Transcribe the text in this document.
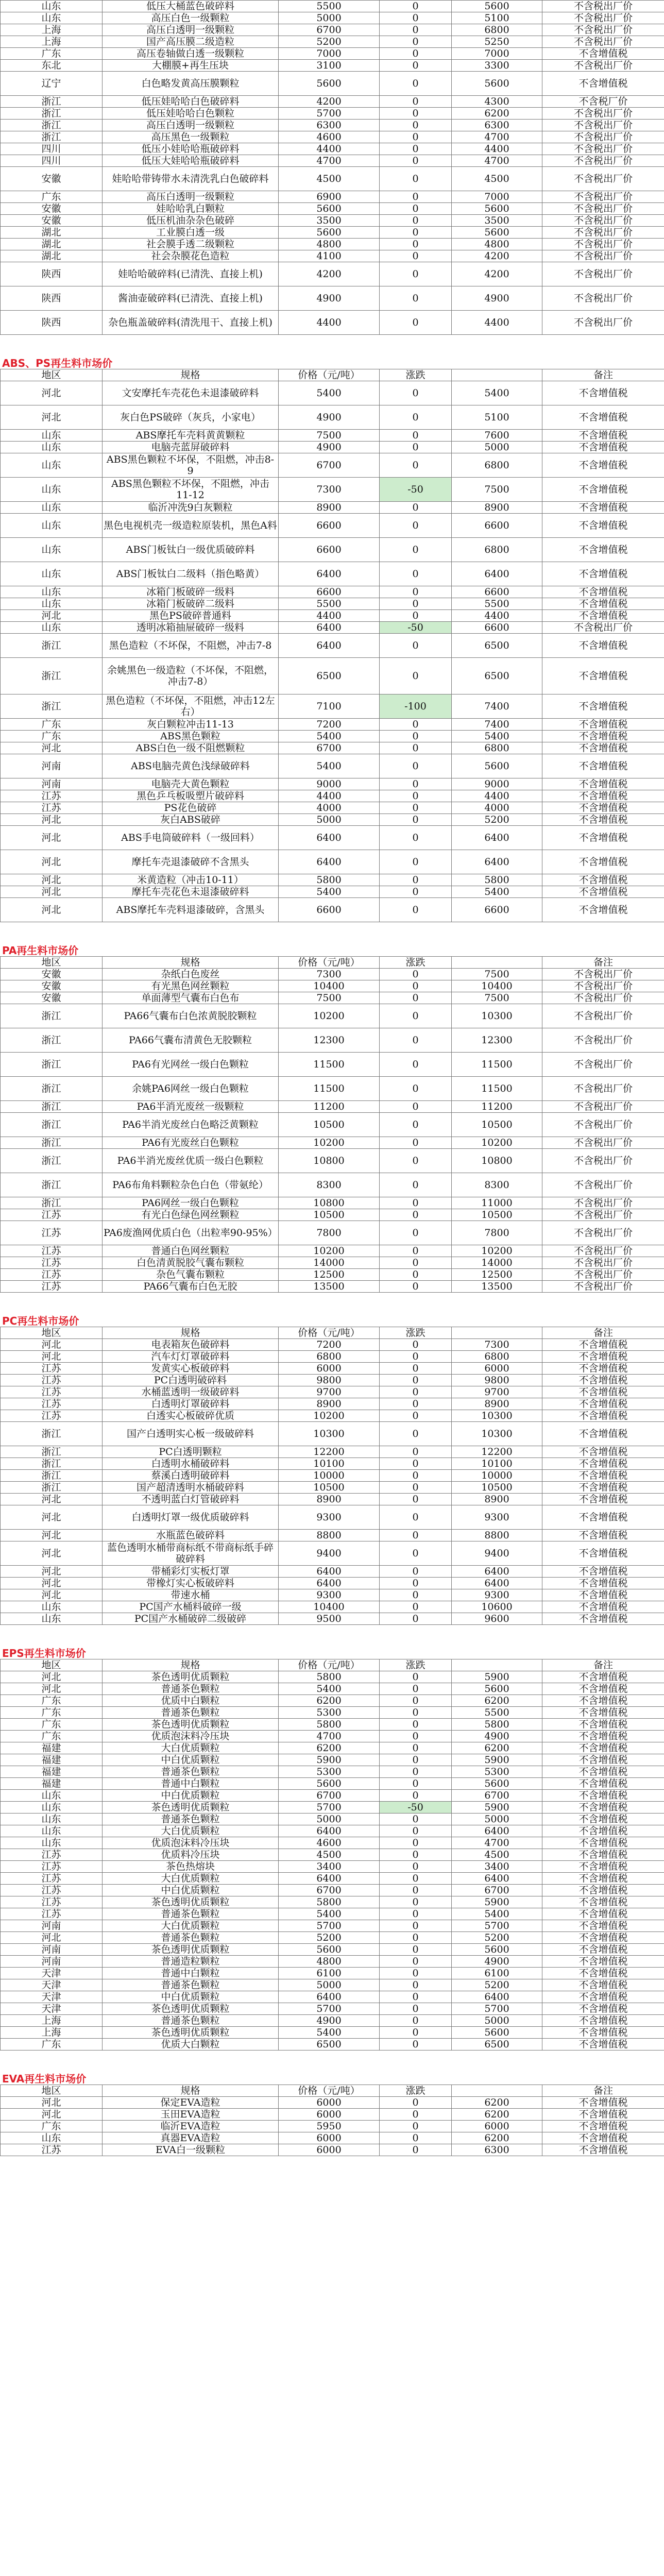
山东	低压大桶蓝色破碎料	5500	0	5600	不含税出厂价
山东	高压白色一级颗粒	5000	0	5100	不含税出厂价
上海	高压白透明一级颗粒	6700	0	6800	不含税出厂价
上海	国产高压膜二级造粒	5200	0	5250	不含税出厂价
广东	高压卷轴做白透一级颗粒	7000	0	7000	不含增值税
东北	大棚膜+再生压块	3100	0	3300	不含税出厂价
辽宁	白色略发黄高压膜颗粒	5600	0	5600	不含增值税
浙江	低压娃哈哈白色破碎料	4200	0	4300	不含税厂价
浙江	低压娃哈哈白色颗粒	5700	0	6200	不含税出厂价
浙江	高压白透明一级颗粒	6300	0	6300	不含税出厂价
浙江	高压黑色一级颗粒	4600	0	4700	不含税出厂价
四川	低压小娃哈哈瓶破碎料	4400	0	4400	不含税出厂价
四川	低压大娃哈哈瓶破碎料	4700	0	4700	不含税出厂价
安徽	娃哈哈带铸带水未清洗乳白色破碎料	4500	0	4500	不含税出厂价
广东	高压白透明一级颗粒	6900	0	7000	不含税出厂价
安徽	娃哈哈乳白颗粒	5600	0	5600	不含税出厂价
安徽	低压机油杂杂色破碎	3500	0	3500	不含税出厂价
湖北	工业膜白透一级	5600	0	5600	不含税出厂价
湖北	社会膜手透二级颗粒	4800	0	4800	不含税出厂价
湖北	社会杂膜花色造粒	4100	0	4200	不含税出厂价
陕西	娃哈哈破碎料(已清洗、直接上机)	4200	0	4200	不含税出厂价
陕西	酱油壶破碎料(已清洗、直接上机)	4900	0	4900	不含税出厂价
陕西	杂色瓶盖破碎料(清洗甩干、直接上机)	4400	0	4400	不含税出厂价
ABS、PS再生料市场价
地区	规格	价格（元/吨）	涨跌		备注
河北	文安摩托车壳花色未退漆破碎料	5400	0	5400	不含增值税
河北	灰白色PS破碎（灰兵，小家电）	4900	0	5100	不含增值税
山东	ABS摩托车壳料黄黄颗粒	7500	0	7600	不含增值税
山东	电脑壳蓝屏破碎料	4900	0	5000	不含增值税
山东	ABS黑色颗粒不坏保，不阻燃，冲击8-9	6700	0	6800	不含增值税
山东	ABS黑色颗粒不坏保，不阻燃，冲击11-12	7300	-50	7500	不含增值税
山东	临沂冲洗9白灰颗粒	8900	0	8900	不含增值税
山东	黑色电视机壳一级造粒原装机，黑色A料	6600	0	6600	不含增值税
山东	ABS门板钛白一级优质破碎料	6600	0	6800	不含增值税
山东	ABS门板钛白二级料（指色略黄）	6400	0	6400	不含增值税
山东	冰箱门板破碎一级料	6600	0	6600	不含增值税
山东	冰箱门板破碎二级料	5500	0	5500	不含增值税
河北	黑色PS破碎普通料	4400	0	4400	不含增值税
山东	透明冰箱抽屉破碎一级料	6400	-50	6600	不含税出厂价
浙江	黑色造粒（不坏保，不阻燃，冲击7-8	6400	0	6500	不含增值税
浙江	余姚黑色一级造粒（不坏保，不阻燃，冲击7-8）	6500	0	6500	不含增值税
浙江	黑色造粒（不坏保，不阻燃，冲击12左右）	7100	-100	7400	不含增值税
广东	灰白颗粒冲击11-13	7200	0	7400	不含增值税
广东	ABS黑色颗粒	5400	0	5400	不含增值税
河北	ABS白色一级不阻燃颗粒	6700	0	6800	不含增值税
河南	ABS电脑壳黄色浅绿破碎料	5400	0	5600	不含增值税
河南	电脑壳大黄色颗粒	9000	0	9000	不含增值税
江苏	黑色乒乓板吸塑片破碎料	4400	0	4400	不含增值税
江苏	PS花色破碎	4000	0	4000	不含增值税
河北	灰白ABS破碎	5000	0	5200	不含增值税
河北	ABS手电筒破碎料（一级回料）	6400	0	6400	不含增值税
河北	摩托车壳退漆破碎不含黑头	6400	0	6400	不含增值税
河北	米黄造粒（冲击10-11）	5800	0	5800	不含增值税
河北	摩托车壳花色未退漆破碎料	5400	0	5400	不含增值税
河北	ABS摩托车壳料退漆破碎，含黑头	6600	0	6600	不含增值税
PA再生料市场价
地区	规格	价格（元/吨）	涨跌		备注
安徽	杂纸白色废丝	7300	0	7500	不含税出厂价
安徽	有光黑色网丝颗粒	10400	0	10400	不含税出厂价
安徽	单面薄型气囊布白色布	7500	0	7500	不含税出厂价
浙江	PA66气囊布白色浓黄脱胶颗粒	10200	0	10300	不含税出厂价
浙江	PA66气囊布清黄色无胶颗粒	12300	0	12300	不含税出厂价
浙江	PA6有光网丝一级白色颗粒	11500	0	11500	不含税出厂价
浙江	余姚PA6网丝一级白色颗粒	11500	0	11500	不含税出厂价
浙江	PA6半消光废丝一级颗粒	11200	0	11200	不含税出厂价
浙江	PA6半消光废丝白色略泛黄颗粒	10500	0	10500	不含税出厂价
浙江	PA6有光废丝白色颗粒	10200	0	10200	不含税出厂价
浙江	PA6半消光废丝优质一级白色颗粒	10800	0	10800	不含税出厂价
浙江	PA6布角料颗粒杂色白色（带氨纶）	8300	0	8300	不含税出厂价
浙江	PA6网丝一级白色颗粒	10800	0	11000	不含税出厂价
江苏	有光白色绿色网丝颗粒	10500	0	10500	不含税出厂价
江苏	PA6废渔网优质白色（出粒率90-95%）	7800	0	7800	不含税出厂价
江苏	普通白色网丝颗粒	10200	0	10200	不含税出厂价
江苏	白色清黄脱胶气囊布颗粒	14000	0	14000	不含税出厂价
江苏	杂色气囊布颗粒	12500	0	12500	不含税出厂价
江苏	PA66气囊布白色无胶	13500	0	13500	不含税出厂价
PC再生料市场价
地区	规格	价格（元/吨）	涨跌		备注
河北	电表箱灰色破碎料	7200	0	7300	不含增值税
河北	汽车灯灯罩破碎料	6800	0	6800	不含增值税
江苏	发黄实心板破碎料	6000	0	6000	不含增值税
江苏	PC白透明破碎料	9800	0	9800	不含增值税
江苏	水桶蓝透明一级破碎料	9700	0	9700	不含增值税
江苏	白透明灯罩破碎料	8900	0	8900	不含增值税
江苏	白透实心板破碎优质	10200	0	10300	不含增值税
浙江	国产白透明实心板一级破碎料	10300	0	10300	不含增值税
浙江	PC白透明颗粒	12200	0	12200	不含增值税
浙江	白透明水桶破碎料	10100	0	10100	不含增值税
浙江	蔡溪白透明破碎料	10000	0	10000	不含增值税
浙江	国产超清透明水桶破碎料	10500	0	10500	不含增值税
河北	不透明蓝白灯管破碎料	8900	0	8900	不含增值税
河北	白透明灯罩一级优质破碎料	9300	0	9300	不含增值税
河北	水瓶蓝色破碎料	8800	0	8800	不含增值税
河北	蓝色透明水桶带商标纸不带商标纸手碎破碎料	9400	0	9400	不含增值税
河北	带桶彩灯实板灯罩	6400	0	6400	不含增值税
河北	带橡灯实心板破碎料	6400	0	6400	不含增值税
河北	带速水桶	9300	0	9300	不含增值税
山东	PC国产水桶料破碎一级	10400	0	10600	不含增值税
山东	PC国产水桶破碎二级破碎	9500	0	9600	不含增值税
EPS再生料市场价
地区	规格	价格（元/吨）	涨跌		备注
河北	茶色透明优质颗粒	5800	0	5900	不含增值税
河北	普通茶色颗粒	5400	0	5600	不含增值税
广东	优质中白颗粒	6200	0	6200	不含增值税
广东	普通茶色颗粒	5300	0	5500	不含增值税
广东	茶色透明优质颗粒	5800	0	5800	不含增值税
广东	优质泡沫料冷压块	4700	0	4900	不含增值税
福建	大白优质颗粒	6200	0	6200	不含增值税
福建	中白优质颗粒	5900	0	5900	不含增值税
福建	普通茶色颗粒	5300	0	5300	不含增值税
福建	普通中白颗粒	5600	0	5600	不含增值税
山东	中白优质颗粒	6700	0	6700	不含增值税
山东	茶色透明优质颗粒	5700	-50	5900	不含增值税
山东	普通茶色颗粒	5000	0	5000	不含增值税
山东	大白优质颗粒	6400	0	6400	不含增值税
山东	优质泡沫料冷压块	4600	0	4700	不含增值税
江苏	优质料冷压块	4500	0	4500	不含增值税
江苏	茶色热熔块	3400	0	3400	不含增值税
江苏	大白优质颗粒	6400	0	6400	不含增值税
江苏	中白优质颗粒	6700	0	6700	不含增值税
江苏	茶色透明优质颗粒	5800	0	5900	不含增值税
江苏	普通茶色颗粒	5400	0	5400	不含增值税
河南	大白优质颗粒	5700	0	5700	不含增值税
河北	普通茶色颗粒	5200	0	5200	不含增值税
河南	茶色透明优质颗粒	5600	0	5600	不含增值税
河南	普通造粒颗粒	4800	0	4900	不含增值税
天津	普通中白颗粒	6100	0	6100	不含增值税
天津	普通茶色颗粒	5000	0	5200	不含增值税
天津	中白优质颗粒	6400	0	6400	不含增值税
天津	茶色透明优质颗粒	5700	0	5700	不含增值税
上海	普通茶色颗粒	4900	0	5000	不含增值税
上海	茶色透明优质颗粒	5400	0	5600	不含增值税
广东	优质大白颗粒	6500	0	6500	不含增值税
EVA再生料市场价
地区	规格	价格（元/吨）	涨跌		备注
河北	保定EVA造粒	6000	0	6200	不含增值税
河北	玉田EVA造粒	6000	0	6200	不含增值税
广东	临沂EVA造粒	5950	0	6000	不含增值税
山东	真器EVA造粒	6000	0	6200	不含增值税
江苏	EVA白一级颗粒	6000	0	6300	不含增值税
